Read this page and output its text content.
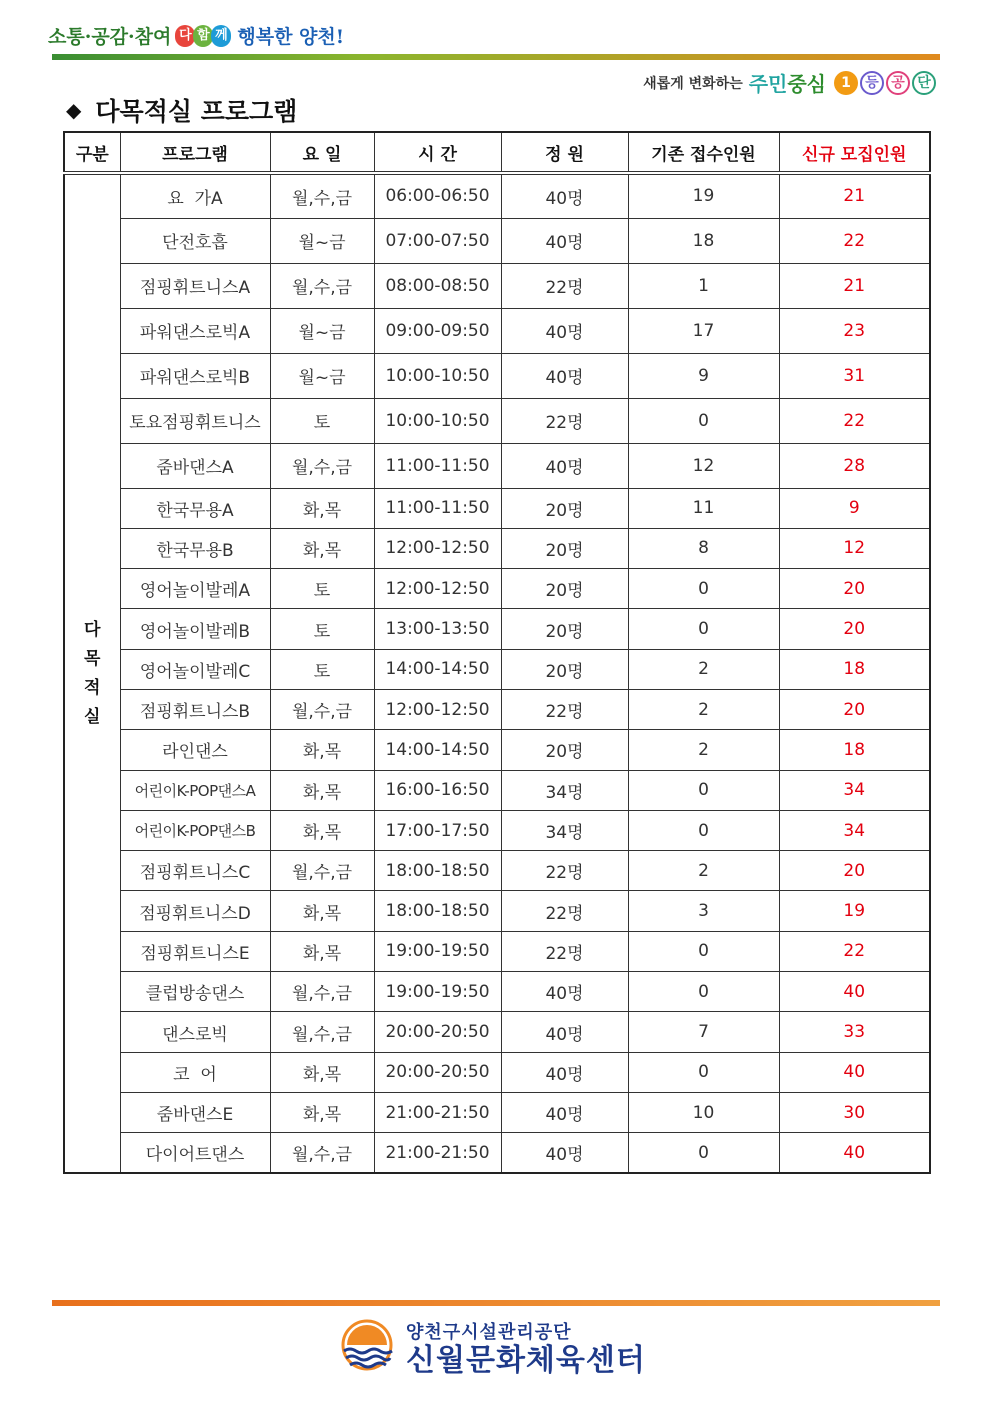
소통·공감·참여 다 함 께 행복한 양천!
새롭게 변화하는 주민중심	1	등 공 단
◆ 다목적실 프로그램
구분	프로그램	요 일	시 간	정 원	기존 접수인원	신규 모집인원

다
목
적
실	요  가A	월,수,금	06:00-06:50	40명	19	21
	단전호흡	월~금	07:00-07:50	40명	18	22
	점핑휘트니스A	월,수,금	08:00-08:50	22명	1	21
	파워댄스로빅A	월~금	09:00-09:50	40명	17	23
	파워댄스로빅B	월~금	10:00-10:50	40명	9	31
	토요점핑휘트니스	토	10:00-10:50	22명	0	22
	줌바댄스A	월,수,금	11:00-11:50	40명	12	28
	한국무용A	화,목	11:00-11:50	20명	11	9
	한국무용B	화,목	12:00-12:50	20명	8	12
	영어놀이발레A	토	12:00-12:50	20명	0	20
	영어놀이발레B	토	13:00-13:50	20명	0	20
	영어놀이발레C	토	14:00-14:50	20명	2	18
	점핑휘트니스B	월,수,금	12:00-12:50	22명	2	20
	라인댄스	화,목	14:00-14:50	20명	2	18
	어린이K-POP댄스A	화,목	16:00-16:50	34명	0	34
	어린이K-POP댄스B	화,목	17:00-17:50	34명	0	34
	점핑휘트니스C	월,수,금	18:00-18:50	22명	2	20
	점핑휘트니스D	화,목	18:00-18:50	22명	3	19
	점핑휘트니스E	화,목	19:00-19:50	22명	0	22
	클럽방송댄스	월,수,금	19:00-19:50	40명	0	40
	댄스로빅	월,수,금	20:00-20:50	40명	7	33
	코  어	화,목	20:00-20:50	40명	0	40
	줌바댄스E	화,목	21:00-21:50	40명	10	30
	다이어트댄스	월,수,금	21:00-21:50	40명	0	40
양천구시설관리공단
신월문화체육센터
